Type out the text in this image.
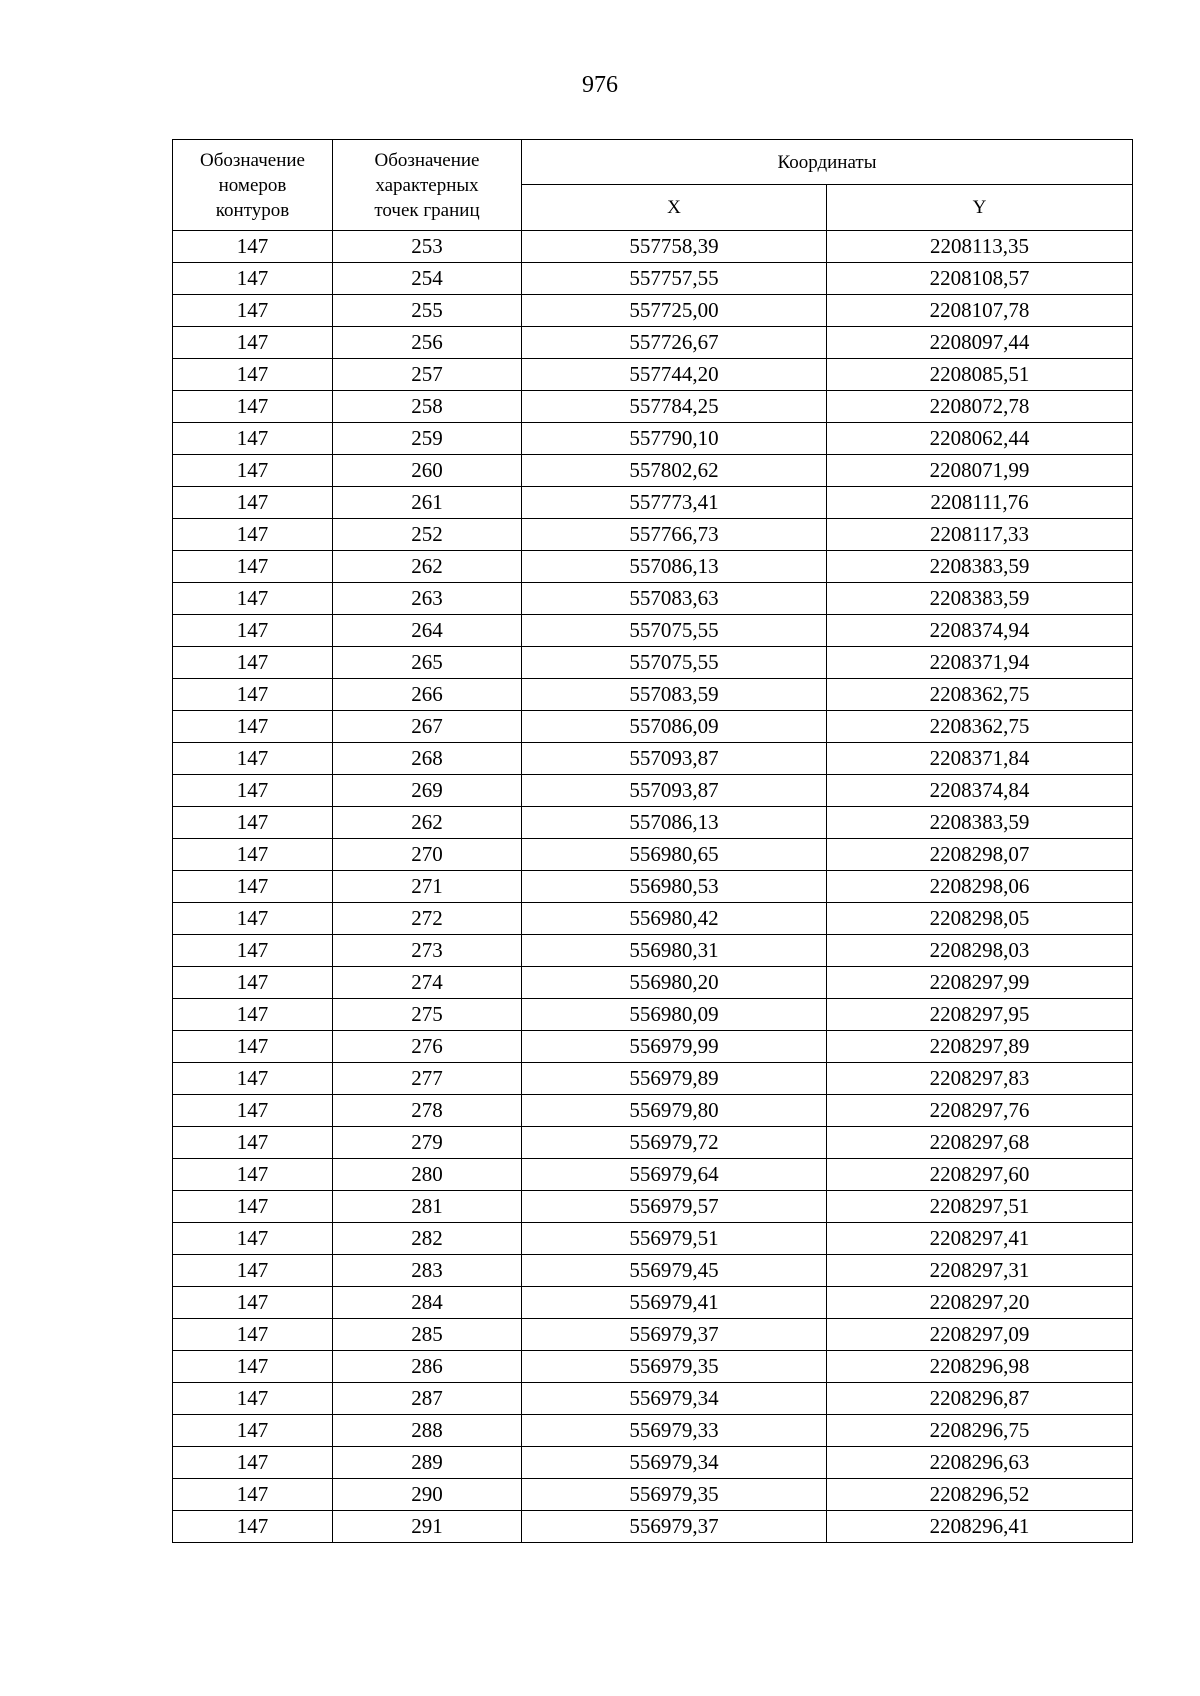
976
Обозначение
номеров
контуров	Обозначение
характерных
точек границ	Координаты	
		X	Y
147	253	557758,39	2208113,35
147	254	557757,55	2208108,57
147	255	557725,00	2208107,78
147	256	557726,67	2208097,44
147	257	557744,20	2208085,51
147	258	557784,25	2208072,78
147	259	557790,10	2208062,44
147	260	557802,62	2208071,99
147	261	557773,41	2208111,76
147	252	557766,73	2208117,33
147	262	557086,13	2208383,59
147	263	557083,63	2208383,59
147	264	557075,55	2208374,94
147	265	557075,55	2208371,94
147	266	557083,59	2208362,75
147	267	557086,09	2208362,75
147	268	557093,87	2208371,84
147	269	557093,87	2208374,84
147	262	557086,13	2208383,59
147	270	556980,65	2208298,07
147	271	556980,53	2208298,06
147	272	556980,42	2208298,05
147	273	556980,31	2208298,03
147	274	556980,20	2208297,99
147	275	556980,09	2208297,95
147	276	556979,99	2208297,89
147	277	556979,89	2208297,83
147	278	556979,80	2208297,76
147	279	556979,72	2208297,68
147	280	556979,64	2208297,60
147	281	556979,57	2208297,51
147	282	556979,51	2208297,41
147	283	556979,45	2208297,31
147	284	556979,41	2208297,20
147	285	556979,37	2208297,09
147	286	556979,35	2208296,98
147	287	556979,34	2208296,87
147	288	556979,33	2208296,75
147	289	556979,34	2208296,63
147	290	556979,35	2208296,52
147	291	556979,37	2208296,41
